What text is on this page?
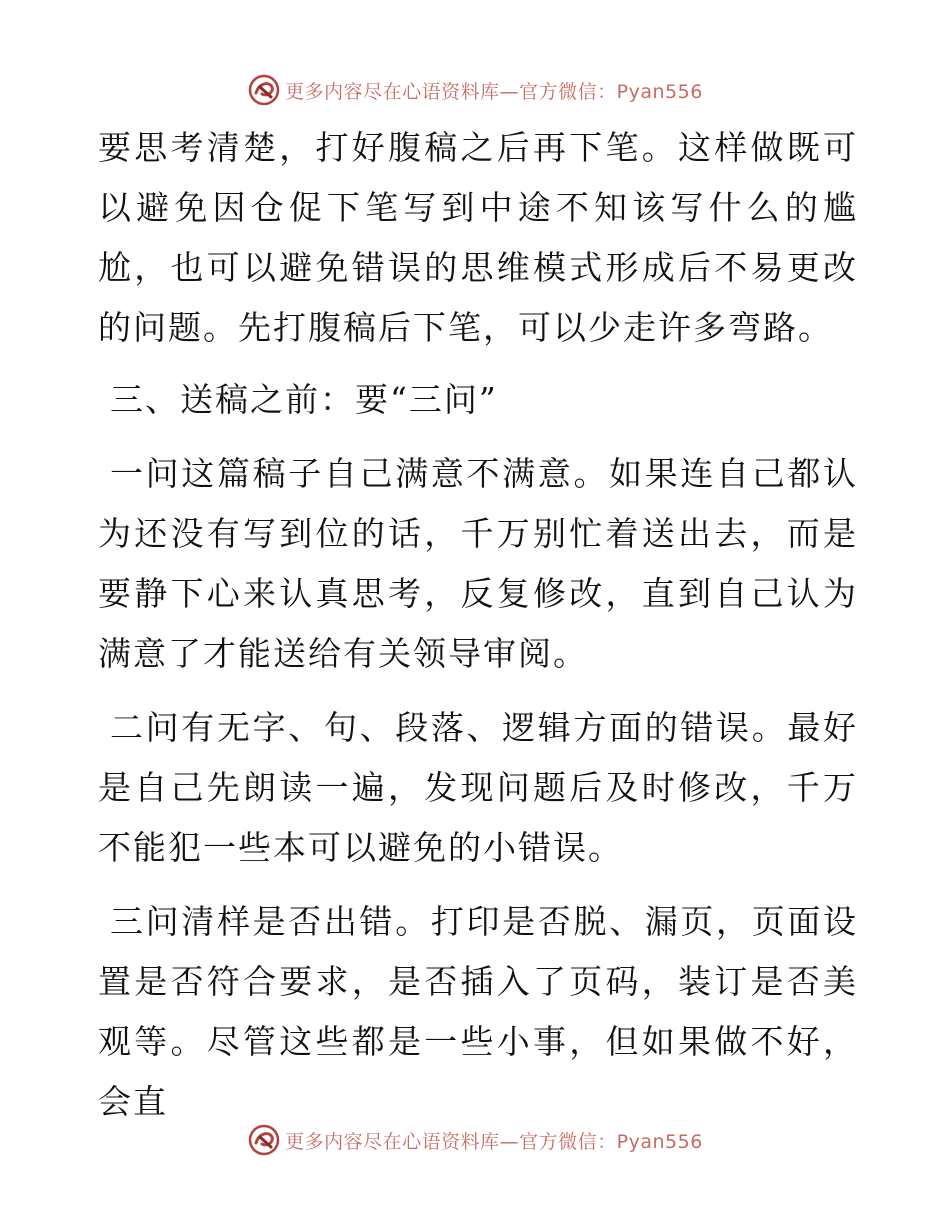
更多内容尽在心语资料库—官方微信：Pyan556

要思考清楚，打好腹稿之后再下笔。这样做既可以避免因仓促下笔写到中途不知该写什么的尴尬，也可以避免错误的思维模式形成后不易更改的问题。先打腹稿后下笔，可以少走许多弯路。

三、送稿之前：要“三问”

一问这篇稿子自己满意不满意。如果连自己都认为还没有写到位的话，千万别忙着送出去，而是要静下心来认真思考，反复修改，直到自己认为满意了才能送给有关领导审阅。

二问有无字、句、段落、逻辑方面的错误。最好是自己先朗读一遍，发现问题后及时修改，千万不能犯一些本可以避免的小错误。

三问清样是否出错。打印是否脱、漏页，页面设置是否符合要求，是否插入了页码，装订是否美观等。尽管这些都是一些小事，但如果做不好，会直

更多内容尽在心语资料库—官方微信：Pyan556
